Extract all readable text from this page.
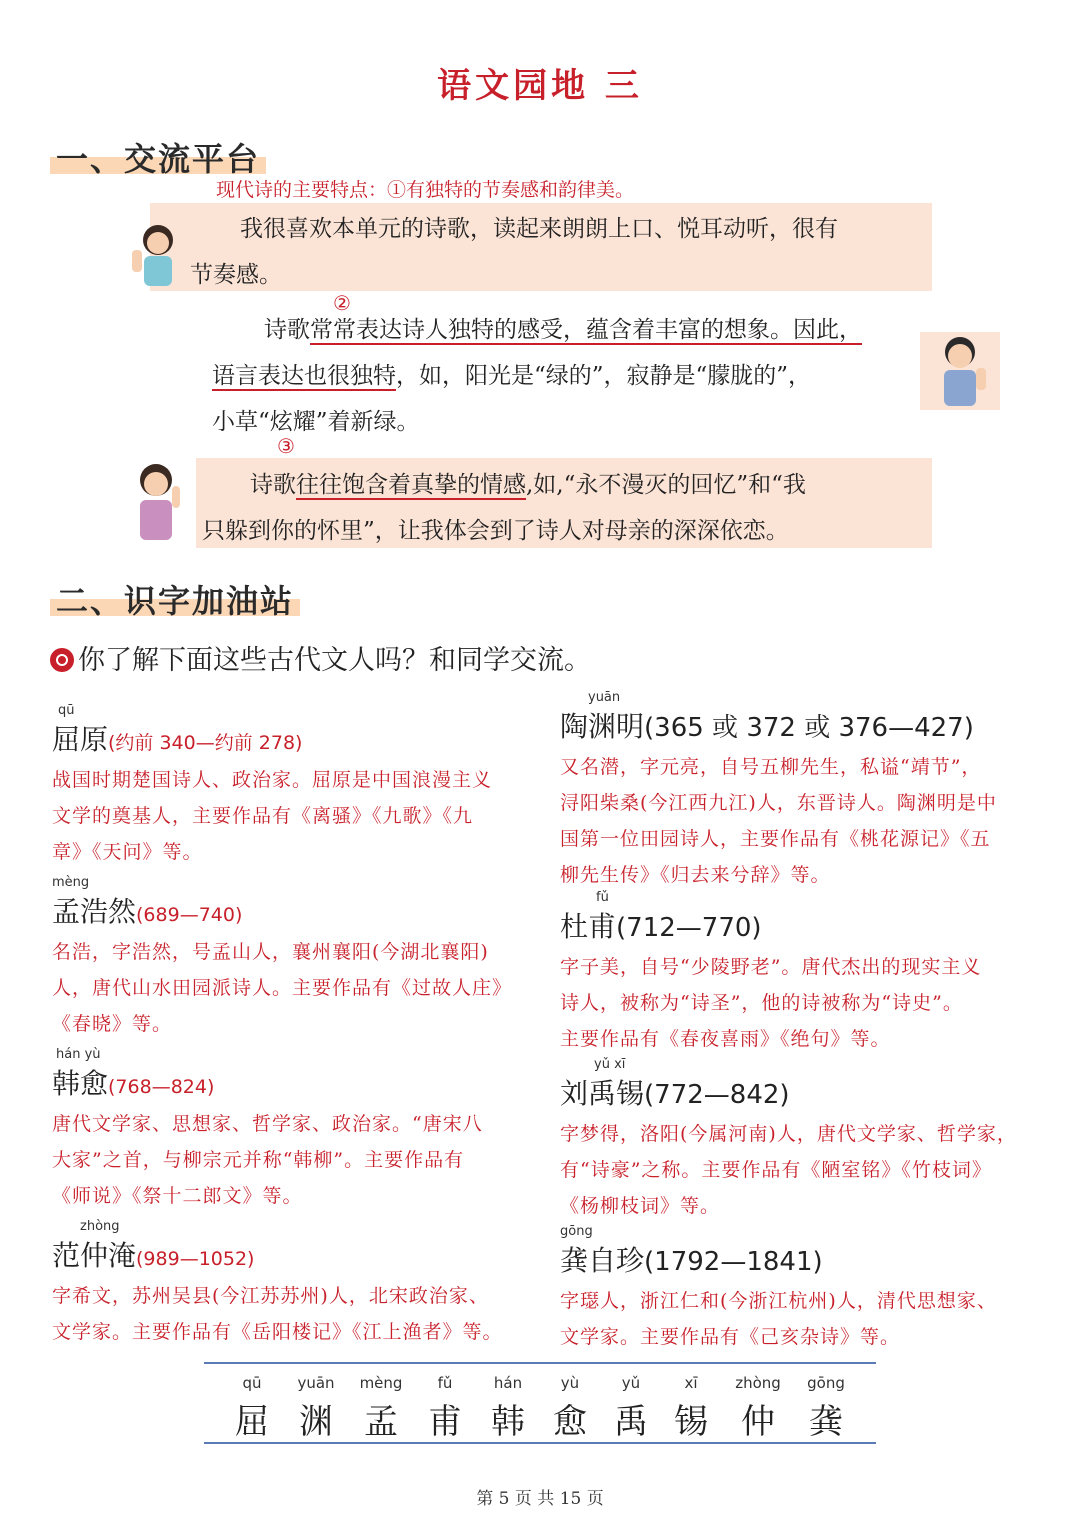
语文园地 三
一、交流平台
现代诗的主要特点：①有独特的节奏感和韵律美。
我很喜欢本单元的诗歌，读起来朗朗上口、悦耳动听，很有
节奏感。
②
诗歌常常表达诗人独特的感受，蕴含着丰富的想象。因此，
语言表达也很独特，如，阳光是“绿的”，寂静是“朦胧的”，
小草“炫耀”着新绿。
③
诗歌往往饱含着真挚的情感,如,“永不漫灭的回忆”和“我
只躲到你的怀里”，让我体会到了诗人对母亲的深深依恋。
二、识字加油站
你了解下面这些古代文人吗？和同学交流。
qū
屈原(约前 340—约前 278)
战国时期楚国诗人、政治家。屈原是中国浪漫主义
文学的奠基人，主要作品有《离骚》《九歌》《九
章》《天问》等。
mèng
孟浩然(689—740)
名浩，字浩然，号孟山人，襄州襄阳(今湖北襄阳)
人，唐代山水田园派诗人。主要作品有《过故人庄》
《春晓》等。
hán yù
韩愈(768—824)
唐代文学家、思想家、哲学家、政治家。“唐宋八
大家”之首，与柳宗元并称“韩柳”。主要作品有
《师说》《祭十二郎文》等。
zhòng
范仲淹(989—1052)
字希文，苏州吴县(今江苏苏州)人，北宋政治家、
文学家。主要作品有《岳阳楼记》《江上渔者》等。
yuān
陶渊明(365 或 372 或 376—427)
又名潜，字元亮，自号五柳先生，私谥“靖节”，
浔阳柴桑(今江西九江)人，东晋诗人。陶渊明是中
国第一位田园诗人，主要作品有《桃花源记》《五
柳先生传》《归去来兮辞》等。
fǔ
杜甫(712—770)
字子美，自号“少陵野老”。唐代杰出的现实主义
诗人，被称为“诗圣”，他的诗被称为“诗史”。
主要作品有《春夜喜雨》《绝句》等。
yǔ xī
刘禹锡(772—842)
字梦得，洛阳(今属河南)人，唐代文学家、哲学家，
有“诗豪”之称。主要作品有《陋室铭》《竹枝词》
《杨柳枝词》等。
gōng
龚自珍(1792—1841)
字璱人，浙江仁和(今浙江杭州)人，清代思想家、
文学家。主要作品有《己亥杂诗》等。
qū
屈
yuān
渊
mèng
孟
fǔ
甫
hán
韩
yù
愈
yǔ
禹
xī
锡
zhòng
仲
gōng
龚
第 5 页 共 15 页
